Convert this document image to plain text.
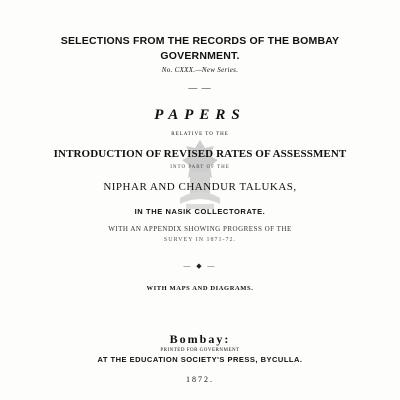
SELECTIONS FROM THE RECORDS OF THE BOMBAY
GOVERNMENT.
No. CXXX.—New Series.
— —
PAPERS
RELATIVE TO THE
INTRODUCTION OF REVISED RATES OF ASSESSMENT
INTO PART OF THE
NIPHAR AND CHANDUR TALUKAS,
IN THE NASIK COLLECTORATE.
WITH AN APPENDIX SHOWING PROGRESS OF THE
SURVEY IN 1871-72.
— ◆ —
WITH MAPS AND DIAGRAMS.
Bombay:
PRINTED FOR GOVERNMENT
AT THE EDUCATION SOCIETY'S PRESS, BYCULLA.
1872.
